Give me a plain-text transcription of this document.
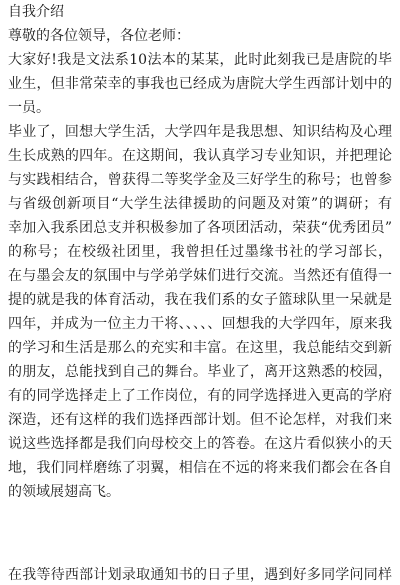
自我介绍
尊敬的各位领导，各位老师：
大家好!我是文法系10法本的某某，此时此刻我已是唐院的毕
业生，但非常荣幸的事我也已经成为唐院大学生西部计划中的
一员。
毕业了，回想大学生活，大学四年是我思想、知识结构及心理
生长成熟的四年。在这期间，我认真学习专业知识，并把理论
与实践相结合，曾获得二等奖学金及三好学生的称号；也曾参
与省级创新项目“大学生法律援助的问题及对策”的调研；有
幸加入我系团总支并积极参加了各项团活动，荣获“优秀团员”
的称号；在校级社团里，我曾担任过墨缘书社的学习部长，
在与墨会友的氛围中与学弟学妹们进行交流。当然还有值得一
提的就是我的体育活动，我在我们系的女子篮球队里一呆就是
四年，并成为一位主力干将、、、、、回想我的大学四年，原来我
的学习和生活是那么的充实和丰富。在这里，我总能结交到新
的朋友，总能找到自己的舞台。毕业了，离开这熟悉的校园，
有的同学选择走上了工作岗位，有的同学选择进入更高的学府
深造，还有这样的我们选择西部计划。但不论怎样，对我们来
说这些选择都是我们向母校交上的答卷。在这片看似狭小的天
地，我们同样磨练了羽翼，相信在不远的将来我们都会在各自
的领域展翅高飞。
在我等待西部计划录取通知书的日子里，遇到好多同学问同样
